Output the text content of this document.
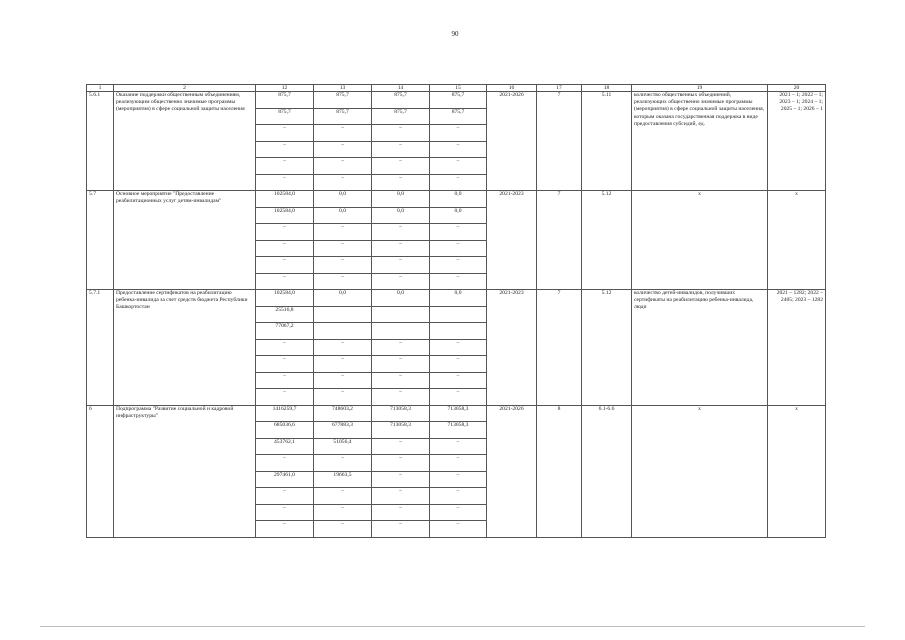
90
1	2	12	13	14	15	16	17	18	19	20
5.6.1	Оказание поддержки общественным объединениям, реализующим общественно значимые программы (мероприятия) в сфере социальной защиты населения	875,7	875,7	875,7	875,7	2021-2026	7	5.11	количество общественных объединений, реализующих общественно значимые программы (мероприятия) в сфере социальной защиты населения, которым оказана государственная поддержка в виде предоставления субсидий, ед.	2021 – 1; 2022 – 1; 2023 – 1; 2024 – 1; 2025 – 1; 2026 – 1
		875,7	875,7	875,7	875,7					
		–	–	–	–					
		–	–	–	–					
		–	–	–	–					
		–	–	–	–					
5.7	Основное мероприятие "Предоставление реабилитационных услуг детям-инвалидам"	102584,0	0,0	0,0	0,0	2021-2023	7	5.12	x	x
		102584,0	0,0	0,0	0,0					
		–	–	–	–					
		–	–	–	–					
		–	–	–	–					
		–	–	–	–					
5.7.1	Предоставление сертификатов на реабилитацию ребенка-инвалида за счет средств бюджета Республики Башкортостан	102584,0	0,0	0,0	0,0	2021-2023	7	5.12	количество детей-инвалидов, получивших сертификаты на реабилитацию ребенка-инвалида, люди	2021 – 1282; 2022 – 2405; 2023 – 1282
		25516,8								
		77067,2								
		–	–	–	–					
		–	–	–	–					
		–	–	–	–					
		–	–	–	–					
6	Подпрограмма "Развитие социальной и кадровой инфраструктуры"	1416259,7	748603,2	713058,3	713058,3	2021-2026	8	6.1-6.6	x	x
		685036,6	677883,3	713058,3	713058,3					
		453762,1	51056,4	–	–					
		–	–	–	–					
		297461,0	19663,5	–	–					
		–	–	–	–					
		–	–	–	–					
		–	–	–	–					
